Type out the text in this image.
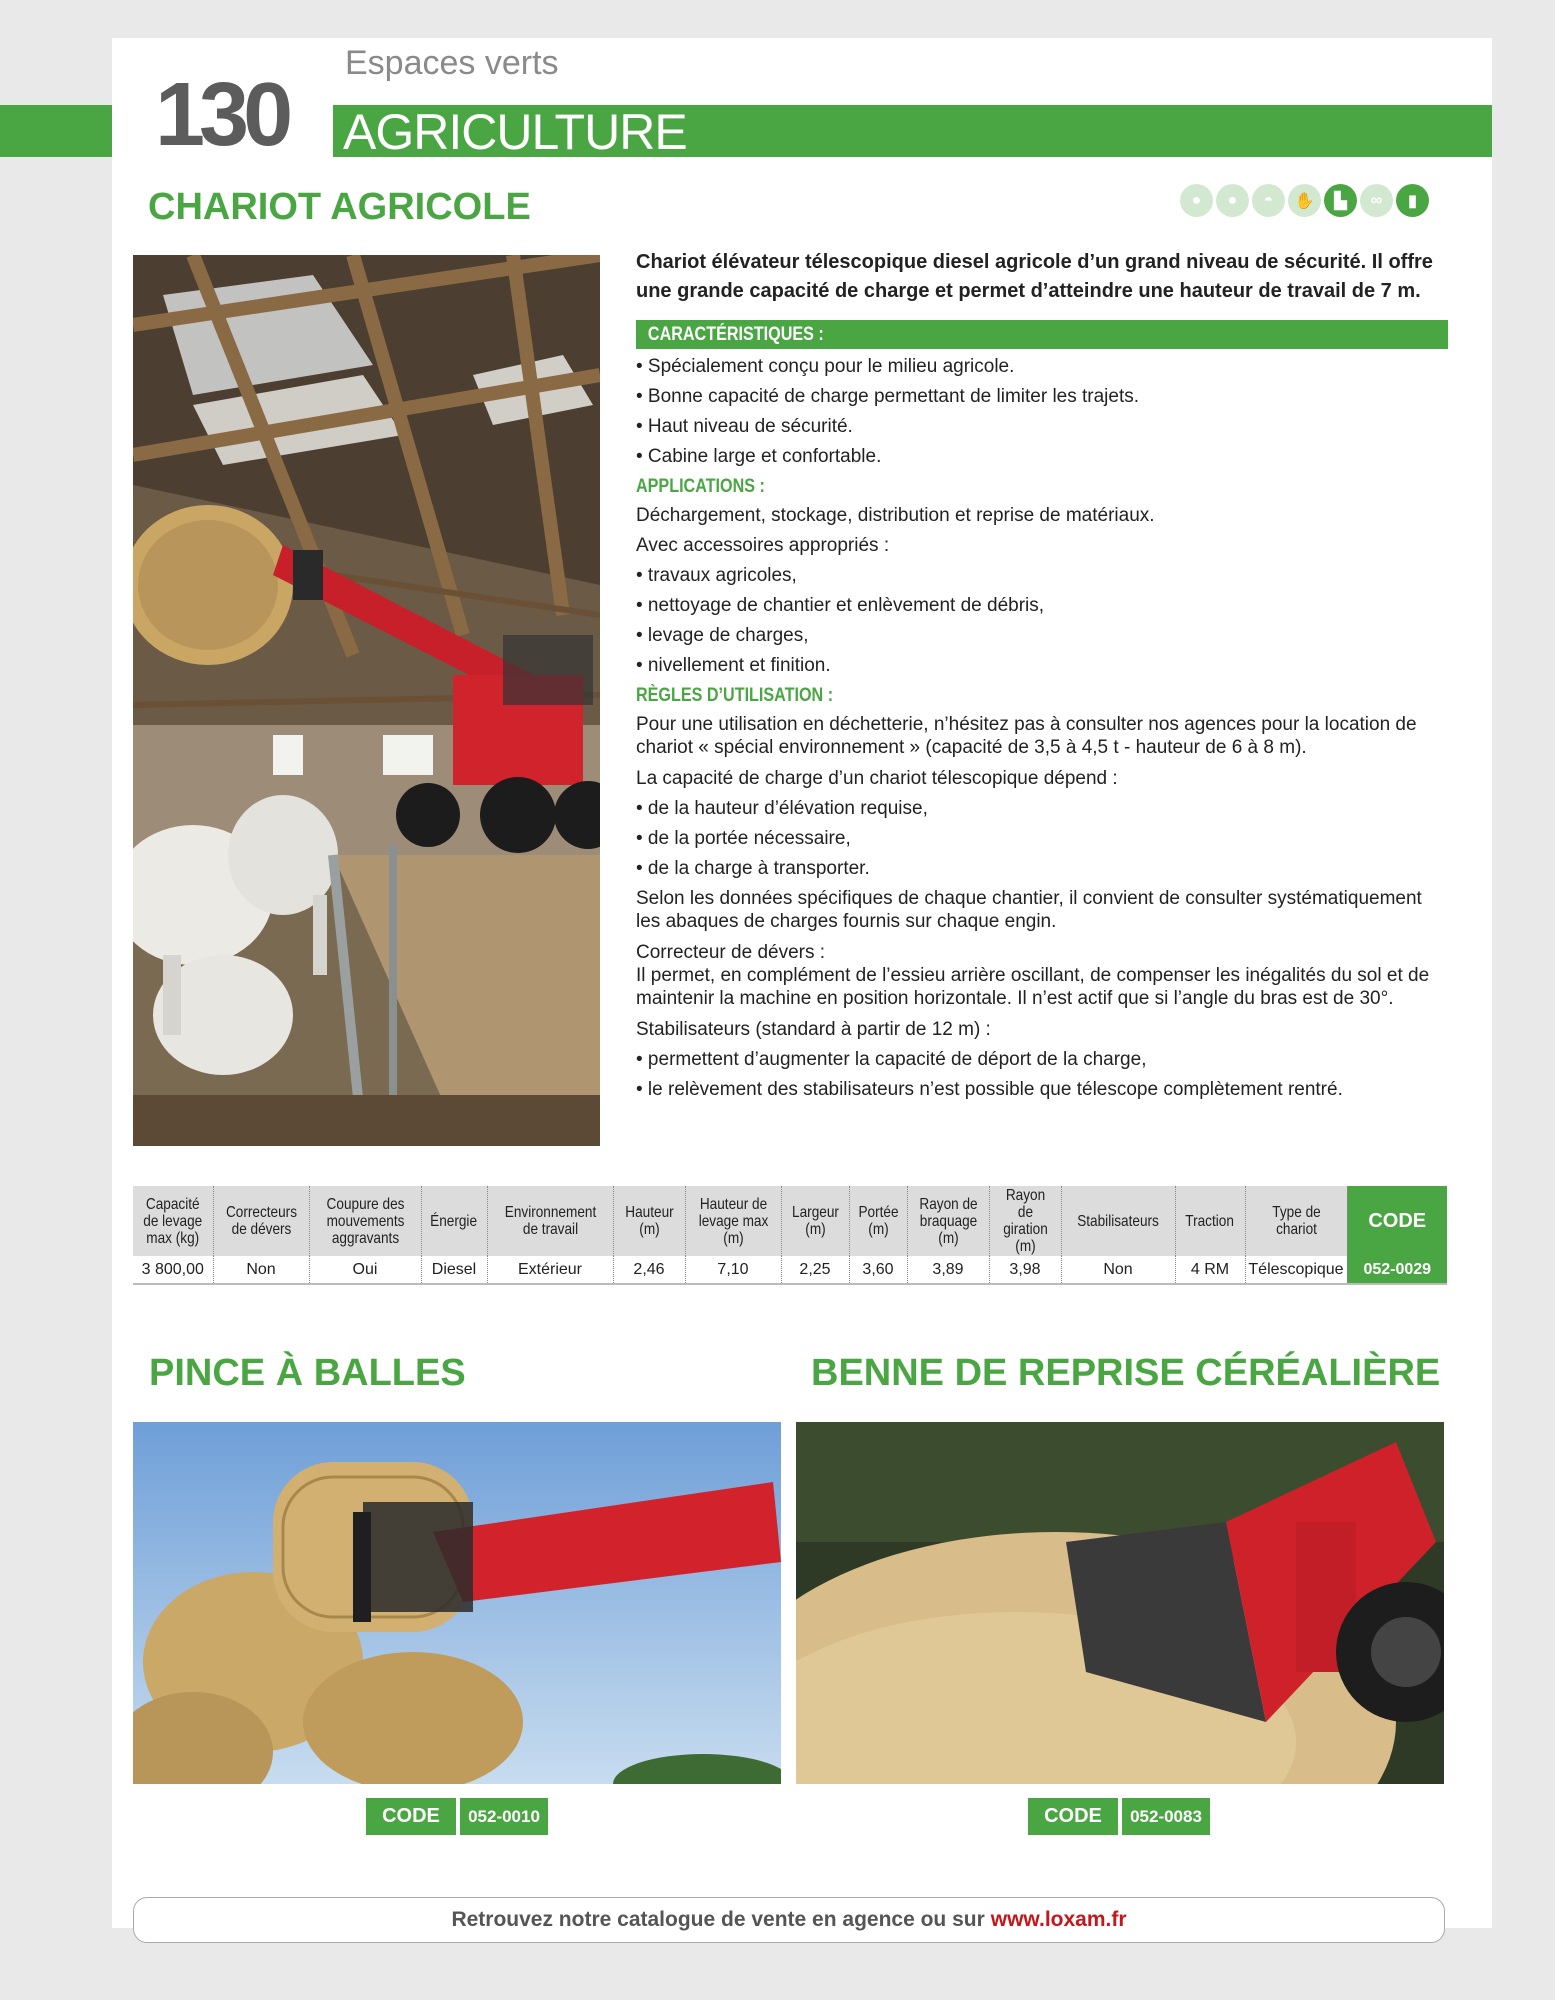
130
Espaces verts
AGRICULTURE
CHARIOT AGRICOLE	●	●	◓	✋	▙	∞	▮
Chariot élévateur télescopique diesel agricole d’un grand niveau de sécurité. Il offre une grande capacité de charge et permet d’atteindre une hauteur de travail de 7 m.
CARACTÉRISTIQUES :

• Spécialement conçu pour le milieu agricole.

• Bonne capacité de charge permettant de limiter les trajets.

• Haut niveau de sécurité.

• Cabine large et confortable.

APPLICATIONS :

Déchargement, stockage, distribution et reprise de matériaux.

Avec accessoires appropriés :

• travaux agricoles,

• nettoyage de chantier et enlèvement de débris,

• levage de charges,

• nivellement et finition.

RÈGLES D’UTILISATION :

Pour une utilisation en déchetterie, n’hésitez pas à consulter nos agences pour la location de chariot « spécial environnement » (capacité de 3,5 à 4,5 t - hauteur de 6 à 8 m).

La capacité de charge d’un chariot télescopique dépend :

• de la hauteur d’élévation requise,

• de la portée nécessaire,

• de la charge à transporter.

Selon les données spécifiques de chaque chantier, il convient de consulter systématiquement les abaques de charges fournis sur chaque engin.

Correcteur de dévers :

Il permet, en complément de l’essieu arrière oscillant, de compenser les inégalités du sol et de maintenir la machine en position horizontale. Il n’est actif que si l’angle du bras est de 30°.

Stabilisateurs (standard à partir de 12 m) :

• permettent d’augmenter la capacité de déport de la charge,

• le relèvement des stabilisateurs n’est possible que télescope complètement rentré.

Capacité de levage max (kg)	Correcteurs de dévers	Coupure des mouvements aggravants	Énergie	Environnement de travail	Hauteur (m)	Hauteur de levage max (m)	Largeur (m)	Portée (m)	Rayon de braquage (m)	Rayon de giration (m)	Stabilisateurs	Traction	Type de chariot	CODE
3 800,00	Non	Oui	Diesel	Extérieur	2,46	7,10	2,25	3,60	3,89	3,98	Non	4 RM	Télescopique	052-0029
PINCE À BALLES	BENNE DE REPRISE CÉRÉALIÈRE
CODE	052-0010	CODE	052-0083
Retrouvez notre catalogue de vente en agence ou sur www.loxam.fr
